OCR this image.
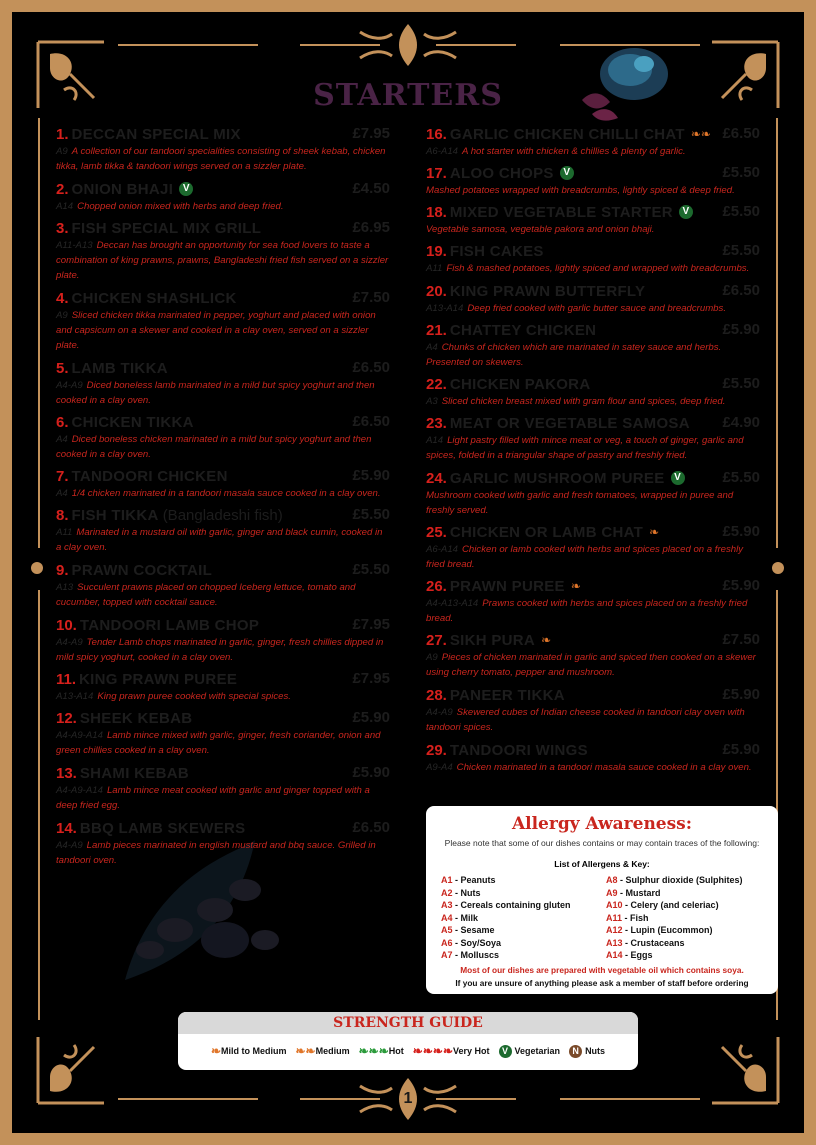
STARTERS
1. DECCAN SPECIAL MIX	£7.95
A9 A collection of our tandoori specialities consisting of sheek kebab, chicken tikka, lamb tikka & tandoori wings served on a sizzler plate.
2. ONION BHAJI V	£4.50
A14 Chopped onion mixed with herbs and deep fried.
3. FISH SPECIAL MIX GRILL	£6.95
A11-A13 Deccan has brought an opportunity for sea food lovers to taste a combination of king prawns, prawns, Bangladeshi fried fish served on a sizzler plate.
4. CHICKEN SHASHLICK	£7.50
A9 Sliced chicken tikka marinated in pepper, yoghurt and placed with onion and capsicum on a skewer and cooked in a clay oven, served on a sizzler plate.
5. LAMB TIKKA	£6.50
A4-A9 Diced boneless lamb marinated in a mild but spicy yoghurt and then cooked in a clay oven.
6. CHICKEN TIKKA	£6.50
A4 Diced boneless chicken marinated in a mild but spicy yoghurt and then cooked in a clay oven.
7. TANDOORI CHICKEN	£5.90
A4 1/4 chicken marinated in a tandoori masala sauce cooked in a clay oven.
8. FISH TIKKA (Bangladeshi fish)	£5.50
A11 Marinated in a mustard oil with garlic, ginger and black cumin, cooked in a clay oven.
9. PRAWN COCKTAIL	£5.50
A13 Succulent prawns placed on chopped Iceberg lettuce, tomato and cucumber, topped with cocktail sauce.
10. TANDOORI LAMB CHOP	£7.95
A4-A9 Tender Lamb chops marinated in garlic, ginger, fresh chillies dipped in mild spicy yoghurt, cooked in a clay oven.
11. KING PRAWN PUREE	£7.95
A13-A14 King prawn puree cooked with special spices.
12. SHEEK KEBAB	£5.90
A4-A9-A14 Lamb mince mixed with garlic, ginger, fresh coriander, onion and green chillies cooked in a clay oven.
13. SHAMI KEBAB	£5.90
A4-A9-A14 Lamb mince meat cooked with garlic and ginger topped with a deep fried egg.
14. BBQ LAMB SKEWERS	£6.50
A4-A9 Lamb pieces marinated in english mustard and bbq sauce. Grilled in tandoori oven.
16. GARLIC CHICKEN CHILLI CHAT ❧❧ £6.50
A6-A14 A hot starter with chicken & chillies & plenty of garlic.
17. ALOO CHOPS V	£5.50
Mashed potatoes wrapped with breadcrumbs, lightly spiced & deep fried.
18. MIXED VEGETABLE STARTER V £5.50
Vegetable samosa, vegetable pakora and onion bhaji.
19. FISH CAKES	£5.50
A11 Fish & mashed potatoes, lightly spiced and wrapped with breadcrumbs.
20. KING PRAWN BUTTERFLY	£6.50
A13-A14 Deep fried cooked with garlic butter sauce and breadcrumbs.
21. CHATTEY CHICKEN	£5.90
A4 Chunks of chicken which are marinated in satey sauce and herbs. Presented on skewers.
22. CHICKEN PAKORA	£5.50
A3 Sliced chicken breast mixed with gram flour and spices, deep fried.
23. MEAT OR VEGETABLE SAMOSA £4.90
A14 Light pastry filled with mince meat or veg, a touch of ginger, garlic and spices, folded in a triangular shape of pastry and freshly fried.
24. GARLIC MUSHROOM PUREE V	£5.50
Mushroom cooked with garlic and fresh tomatoes, wrapped in puree and freshly served.
25. CHICKEN OR LAMB CHAT ❧	£5.90
A6-A14 Chicken or lamb cooked with herbs and spices placed on a freshly fried bread.
26. PRAWN PUREE ❧	£5.90
A4-A13-A14 Prawns cooked with herbs and spices placed on a freshly fried bread.
27. SIKH PURA ❧	£7.50
A9 Pieces of chicken marinated in garlic and spiced then cooked on a skewer using cherry tomato, pepper and mushroom.
28. PANEER TIKKA	£5.90
A4-A9 Skewered cubes of Indian cheese cooked in tandoori clay oven with tandoori spices.
29. TANDOORI WINGS	£5.90
A9-A4 Chicken marinated in a tandoori masala sauce cooked in a clay oven.
Allergy Awareness:
Please note that some of our dishes contains or may contain traces of the following:
List of Allergens & Key:
A1 - Peanuts
A2 - Nuts
A3 - Cereals containing gluten
A4 - Milk
A5 - Sesame
A6 - Soy/Soya
A7 - Molluscs
A8 - Sulphur dioxide (Sulphites)
A9 - Mustard
A10 - Celery (and celeriac)
A11 - Fish
A12 - Lupin (Eucommon)
A13 - Crustaceans
A14 - Eggs
Most of our dishes are prepared with vegetable oil which contains soya.
If you are unsure of anything please ask a member of staff before ordering
STRENGTH GUIDE
❧ Mild to Medium ❧❧ Medium ❧❧❧ Hot ❧❧❧❧ Very Hot	V Vegetarian	N Nuts
1
